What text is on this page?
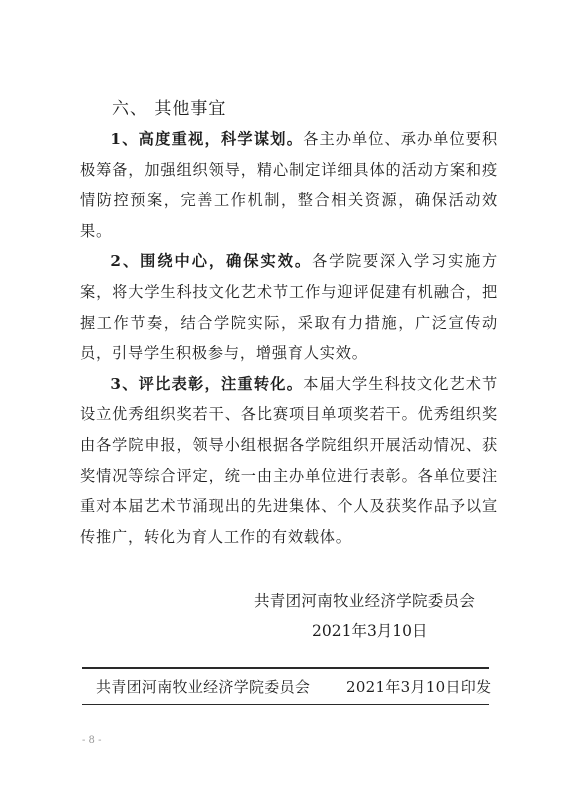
六、 其他事宜

1、高度重视，科学谋划。各主办单位、承办单位要积极筹备，加强组织领导，精心制定详细具体的活动方案和疫情防控预案，完善工作机制，整合相关资源，确保活动效果。

2、围绕中心，确保实效。各学院要深入学习实施方案，将大学生科技文化艺术节工作与迎评促建有机融合，把握工作节奏，结合学院实际，采取有力措施，广泛宣传动员，引导学生积极参与，增强育人实效。

3、评比表彰，注重转化。本届大学生科技文化艺术节设立优秀组织奖若干、各比赛项目单项奖若干。优秀组织奖由各学院申报，领导小组根据各学院组织开展活动情况、获奖情况等综合评定，统一由主办单位进行表彰。各单位要注重对本届艺术节涌现出的先进集体、个人及获奖作品予以宣传推广，转化为育人工作的有效载体。

共青团河南牧业经济学院委员会
2021年3月10日
共青团河南牧业经济学院委员会 2021年3月10日印发
- 8 -
